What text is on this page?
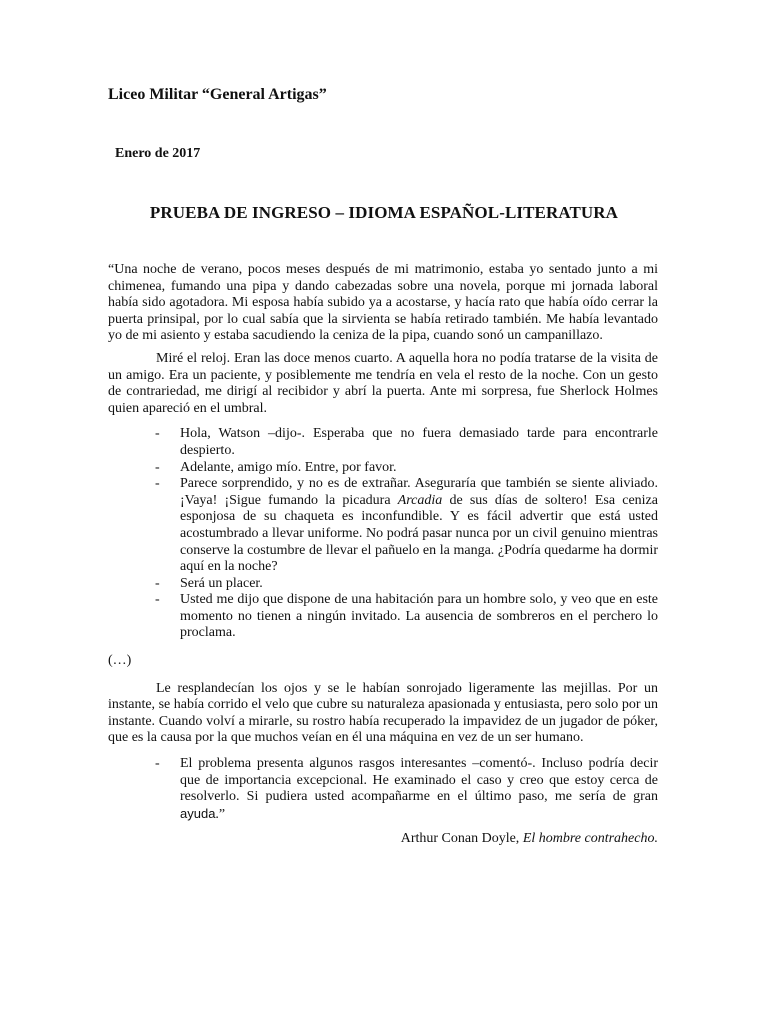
Liceo Militar “General Artigas”

Enero de 2017

PRUEBA DE INGRESO – IDIOMA ESPAÑOL-LITERATURA

“Una noche de verano, pocos meses después de mi matrimonio, estaba yo sentado junto a mi chimenea, fumando una pipa y dando cabezadas sobre una novela, porque mi jornada laboral había sido agotadora. Mi esposa había subido ya a acostarse, y hacía rato que había oído cerrar la puerta prinsipal, por lo cual sabía que la sirvienta se había retirado también. Me había levantado yo de mi asiento y estaba sacudiendo la ceniza de la pipa, cuando sonó un campanillazo.

Miré el reloj. Eran las doce menos cuarto. A aquella hora no podía tratarse de la visita de un amigo. Era un paciente, y posiblemente me tendría en vela el resto de la noche. Con un gesto de contrariedad, me dirigí al recibidor y abrí la puerta. Ante mi sorpresa, fue Sherlock Holmes quien apareció en el umbral.

- Hola, Watson –dijo-. Esperaba que no fuera demasiado tarde para encontrarle despierto.
- Adelante, amigo mío. Entre, por favor.
- Parece sorprendido, y no es de extrañar. Aseguraría que también se siente aliviado. ¡Vaya! ¡Sigue fumando la picadura Arcadia de sus días de soltero! Esa ceniza esponjosa de su chaqueta es inconfundible. Y es fácil advertir que está usted acostumbrado a llevar uniforme. No podrá pasar nunca por un civil genuino mientras conserve la costumbre de llevar el pañuelo en la manga. ¿Podría quedarme ha dormir aquí en la noche?
- Será un placer.
- Usted me dijo que dispone de una habitación para un hombre solo, y veo que en este momento no tienen a ningún invitado. La ausencia de sombreros en el perchero lo proclama.

(…)

Le resplandecían los ojos y se le habían sonrojado ligeramente las mejillas. Por un instante, se había corrido el velo que cubre su naturaleza apasionada y entusiasta, pero solo por un instante. Cuando volví a mirarle, su rostro había recuperado la impavidez de un jugador de póker, que es la causa por la que muchos veían en él una máquina en vez de un ser humano.

- El problema presenta algunos rasgos interesantes –comentó-. Incluso podría decir que de importancia excepcional. He examinado el caso y creo que estoy cerca de resolverlo. Si pudiera usted acompañarme en el último paso, me sería de gran ayuda.”

Arthur Conan Doyle, El hombre contrahecho.
